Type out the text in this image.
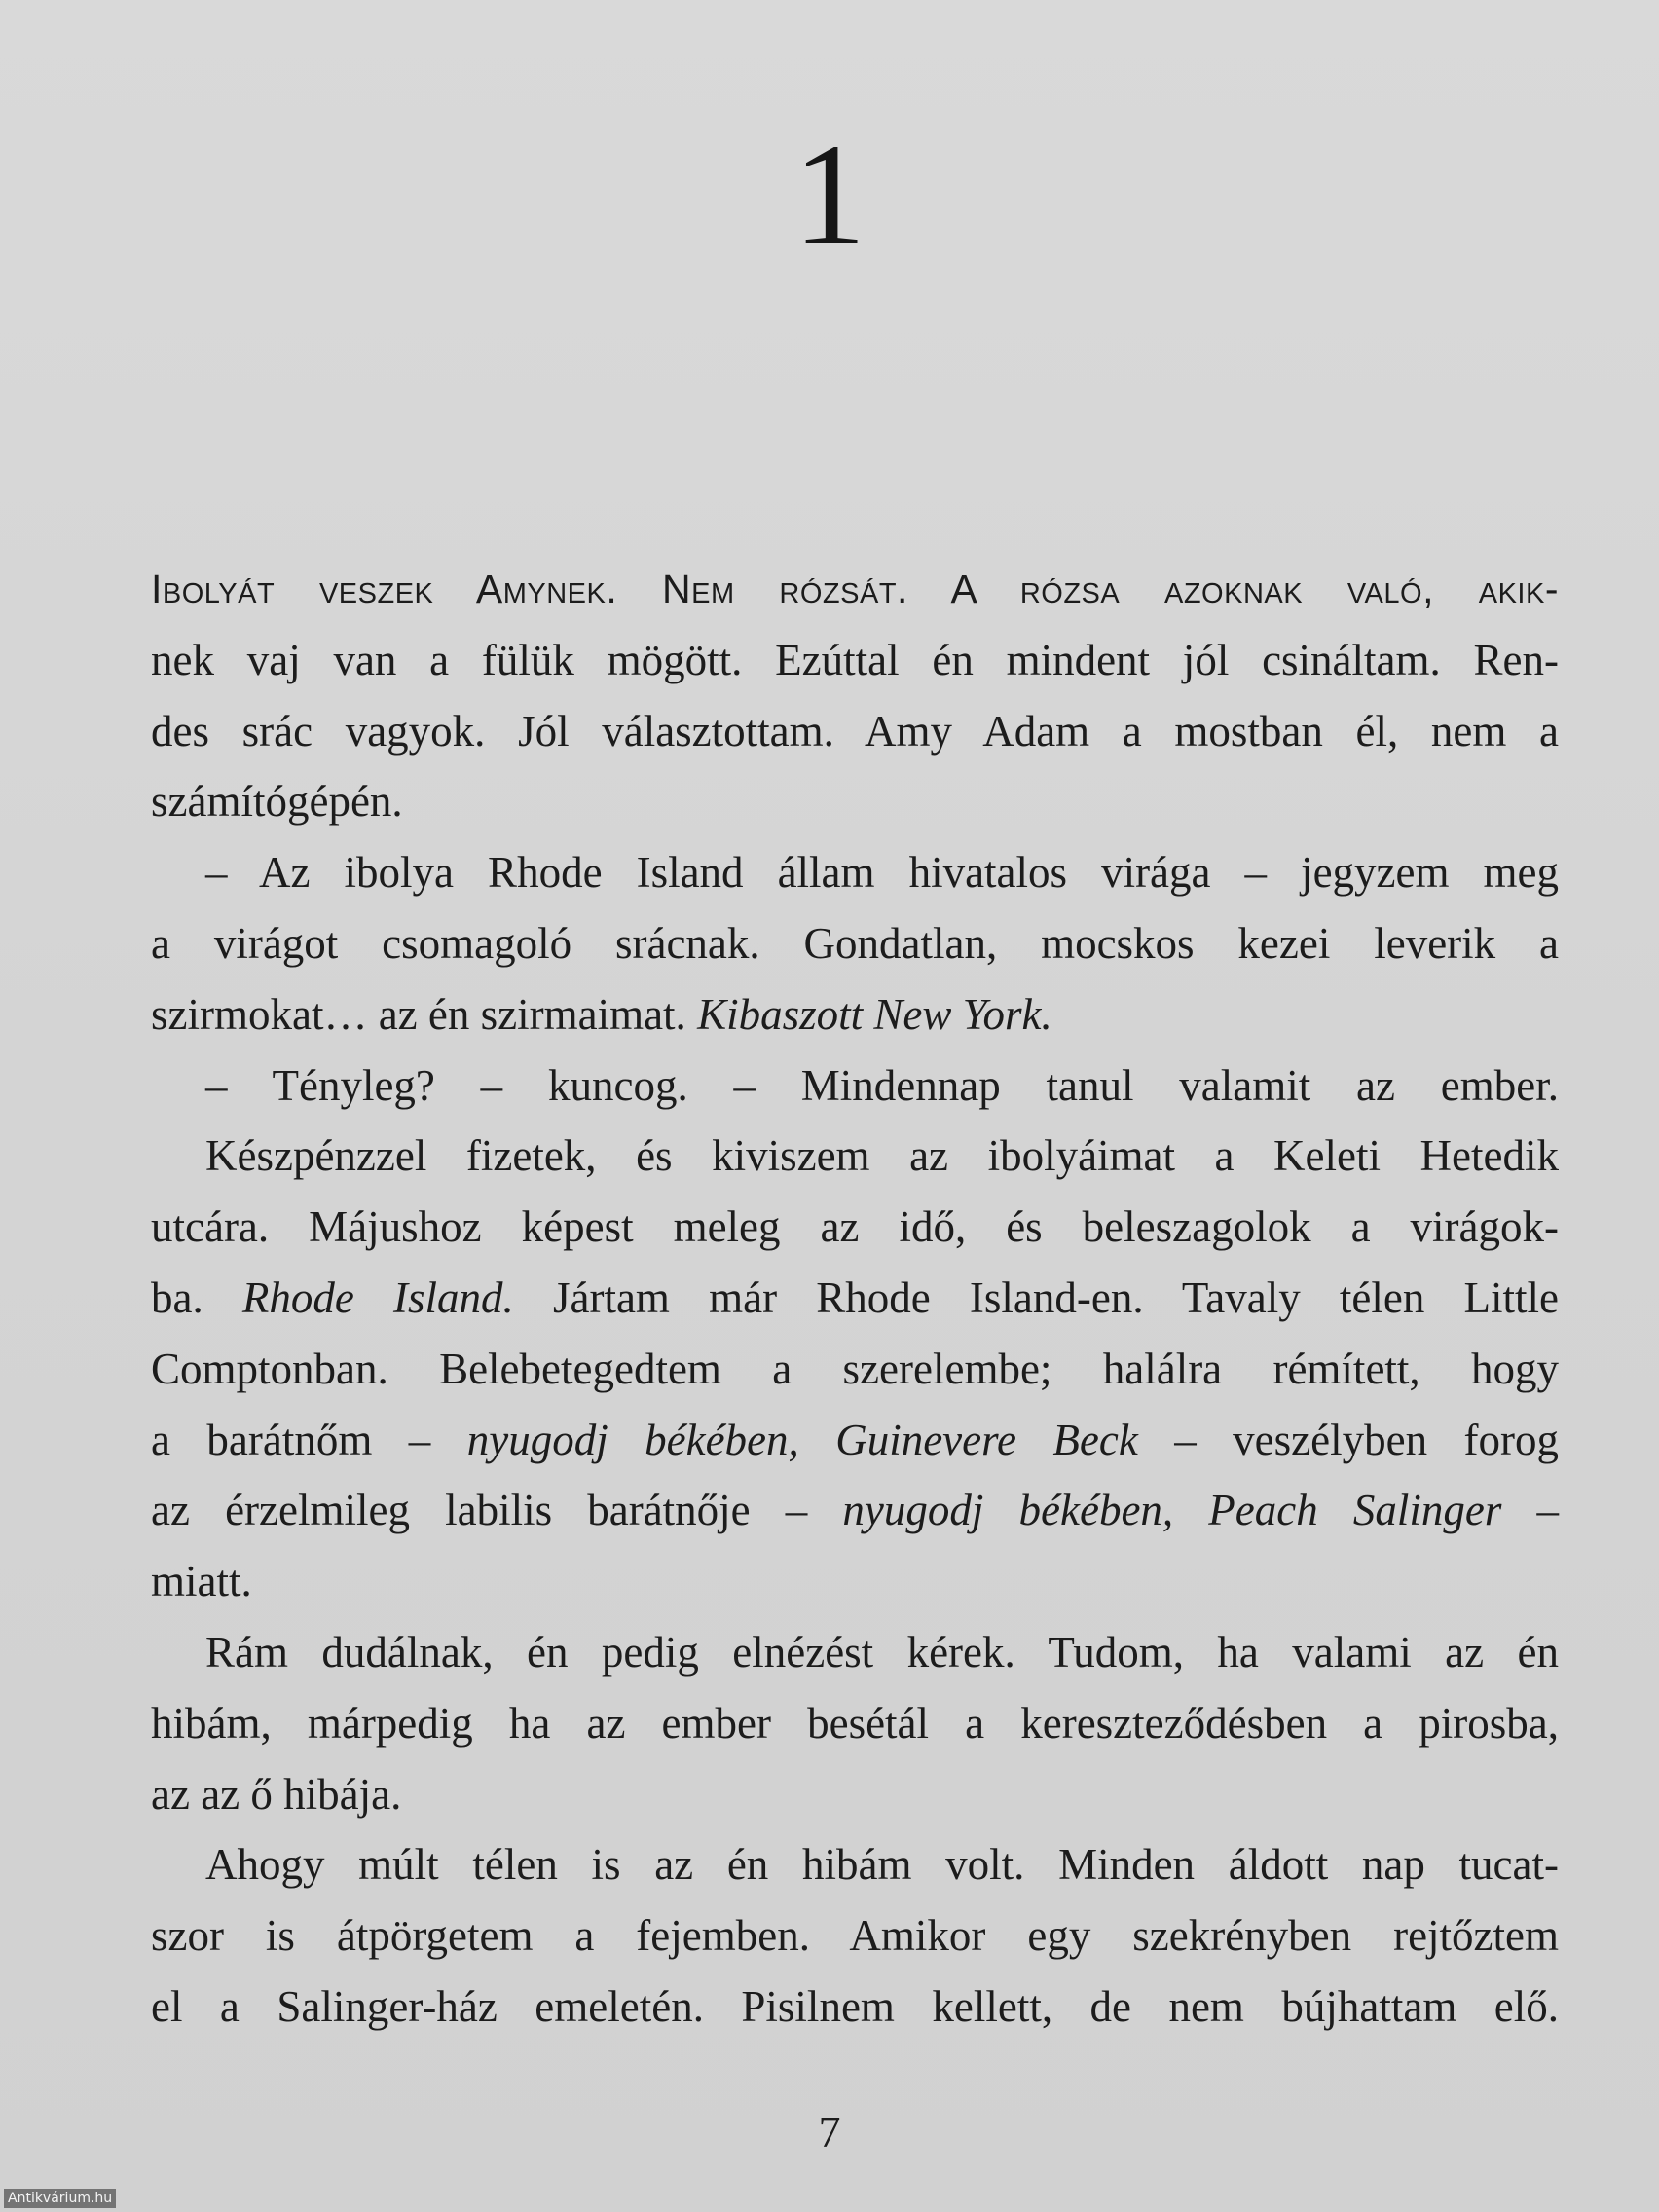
1
Ibolyát veszek Amynek. Nem rózsát. A rózsa azoknak való, akik-
nek vaj van a fülük mögött. Ezúttal én mindent jól csináltam. Ren-
des srác vagyok. Jól választottam. Amy Adam a mostban él, nem a
számítógépén.
– Az ibolya Rhode Island állam hivatalos virága – jegyzem meg
a virágot csomagoló srácnak. Gondatlan, mocskos kezei leverik a
szirmokat… az én szirmaimat. Kibaszott New York.
– Tényleg? – kuncog. – Mindennap tanul valamit az ember.
Készpénzzel fizetek, és kiviszem az ibolyáimat a Keleti Hetedik
utcára. Májushoz képest meleg az idő, és beleszagolok a virágok-
ba. Rhode Island. Jártam már Rhode Island-en. Tavaly télen Little
Comptonban. Belebetegedtem a szerelembe; halálra rémített, hogy
a barátnőm – nyugodj békében, Guinevere Beck – veszélyben forog
az érzelmileg labilis barátnője – nyugodj békében, Peach Salinger –
miatt.
Rám dudálnak, én pedig elnézést kérek. Tudom, ha valami az én
hibám, márpedig ha az ember besétál a kereszteződésben a pirosba,
az az ő hibája.
Ahogy múlt télen is az én hibám volt. Minden áldott nap tucat-
szor is átpörgetem a fejemben. Amikor egy szekrényben rejtőztem
el a Salinger-ház emeletén. Pisilnem kellett, de nem bújhattam elő.
7
Antikvárium.hu
